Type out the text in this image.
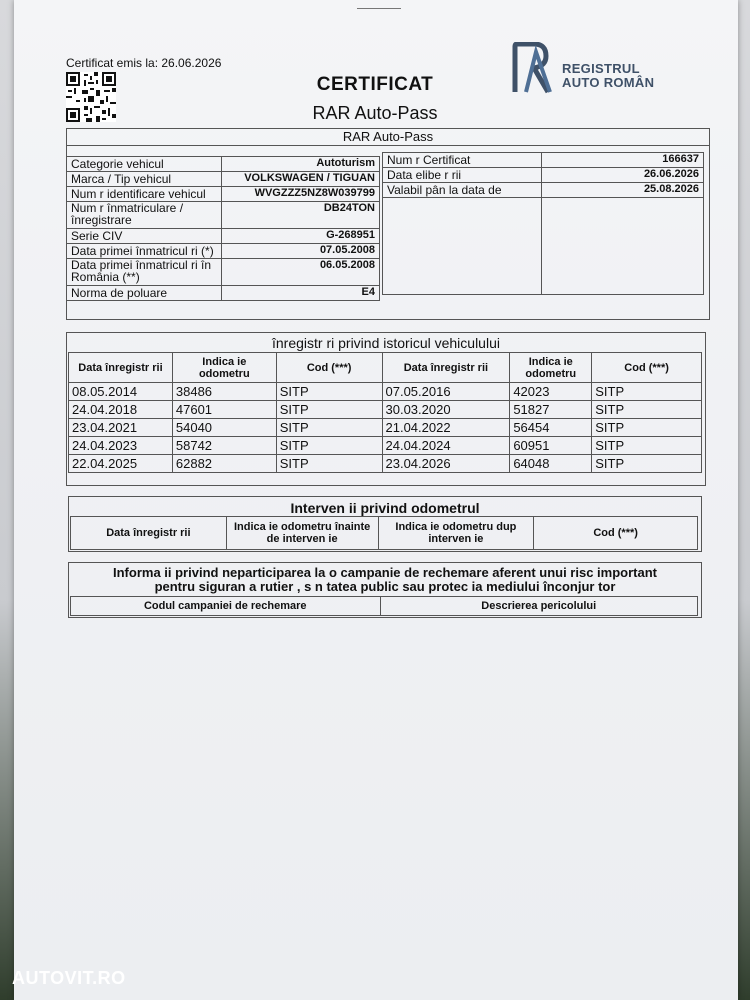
Certificat emis la: 26.06.2026
CERTIFICAT
RAR Auto-Pass
REGISTRUL
AUTO ROMÂN
RAR Auto-Pass
Categorie vehicul	Autoturism
Marca / Tip vehicul	VOLKSWAGEN / TIGUAN
Num r identificare vehicul	WVGZZZ5NZ8W039799
Num r înmatriculare / înregistrare	DB24TON
Serie CIV	G-268951
Data primei înmatricul ri (*)	07.05.2008
Data primei înmatricul ri în România (**)	06.05.2008
Norma de poluare	E4
Num r Certificat	166637
Data elibe r rii	26.06.2026
Valabil pân la data de	25.08.2026

înregistr ri privind istoricul vehiculului
Data înregistr rii	Indica ie odometru	Cod (***)	Data înregistr rii	Indica ie odometru	Cod (***)
08.05.2014	38486	SITP	07.05.2016	42023	SITP
24.04.2018	47601	SITP	30.03.2020	51827	SITP
23.04.2021	54040	SITP	21.04.2022	56454	SITP
24.04.2023	58742	SITP	24.04.2024	60951	SITP
22.04.2025	62882	SITP	23.04.2026	64048	SITP
Interven ii privind odometrul
Data înregistr rii	Indica ie odometru înainte de interven ie	Indica ie odometru dup interven ie	Cod (***)
Informa ii privind neparticiparea la o campanie de rechemare aferent unui risc important
pentru siguran a rutier , s n tatea public sau protec ia mediului înconjur tor
Codul campaniei de rechemare	Descrierea pericolului
AUTOVIT.RO
